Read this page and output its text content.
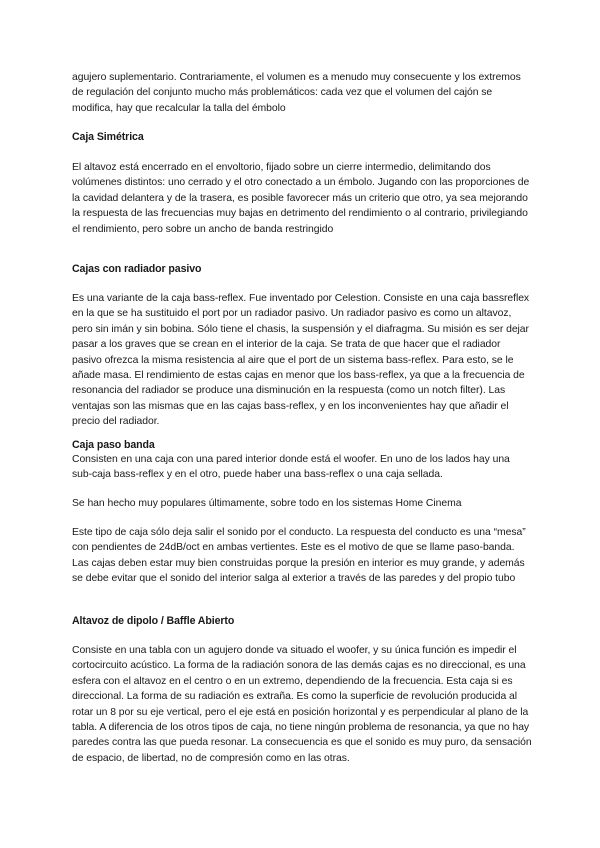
agujero suplementario. Contrariamente, el volumen es a menudo muy consecuente y los extremos de regulación del conjunto mucho más problemáticos: cada vez que el volumen del cajón se modifica, hay que recalcular la talla del émbolo

Caja Simétrica

El altavoz está encerrado en el envoltorio, fijado sobre un cierre intermedio, delimitando dos volúmenes distintos: uno cerrado y el otro conectado a un émbolo. Jugando con las proporciones de la cavidad delantera y de la trasera, es posible favorecer más un criterio que otro, ya sea mejorando la respuesta de las frecuencias muy bajas en detrimento del rendimiento o al contrario, privilegiando el rendimiento, pero sobre un ancho de banda restringido

Cajas con radiador pasivo

Es una variante de la caja bass-reflex. Fue inventado por Celestion. Consiste en una caja bassreflex en la que se ha sustituido el port por un radiador pasivo. Un radiador pasivo es como un altavoz, pero sin imán y sin bobina. Sólo tiene el chasis, la suspensión y el diafragma. Su misión es ser dejar pasar a los graves que se crean en el interior de la caja. Se trata de que hacer que el radiador pasivo ofrezca la misma resistencia al aire que el port de un sistema bass-reflex. Para esto, se le añade masa. El rendimiento de estas cajas en menor que los bass-reflex, ya que a la frecuencia de resonancia del radiador se produce una disminución en la respuesta (como un notch filter). Las ventajas son las mismas que en las cajas bass-reflex, y en los inconvenientes hay que añadir el precio del radiador.

Caja paso banda

Consisten en una caja con una pared interior donde está el woofer. En uno de los lados hay una sub-caja bass-reflex y en el otro, puede haber una bass-reflex o una caja sellada.

Se han hecho muy populares últimamente, sobre todo en los sistemas Home Cinema

Este tipo de caja sólo deja salir el sonido por el conducto. La respuesta del conducto es una “mesa” con pendientes de 24dB/oct en ambas vertientes. Este es el motivo de que se llame paso-banda. Las cajas deben estar muy bien construidas porque la presión en interior es muy grande, y además se debe evitar que el sonido del interior salga al exterior a través de las paredes y del propio tubo

Altavoz de dipolo / Baffle Abierto

Consiste en una tabla con un agujero donde va situado el woofer, y su única función es impedir el cortocircuito acústico. La forma de la radiación sonora de las demás cajas es no direccional, es una esfera con el altavoz en el centro o en un extremo, dependiendo de la frecuencia. Esta caja si es direccional. La forma de su radiación es extraña. Es como la superficie de revolución producida al rotar un 8 por su eje vertical, pero el eje está en posición horizontal y es perpendicular al plano de la tabla. A diferencia de los otros tipos de caja, no tiene ningún problema de resonancia, ya que no hay paredes contra las que pueda resonar. La consecuencia es que el sonido es muy puro, da sensación de espacio, de libertad, no de compresión como en las otras.
